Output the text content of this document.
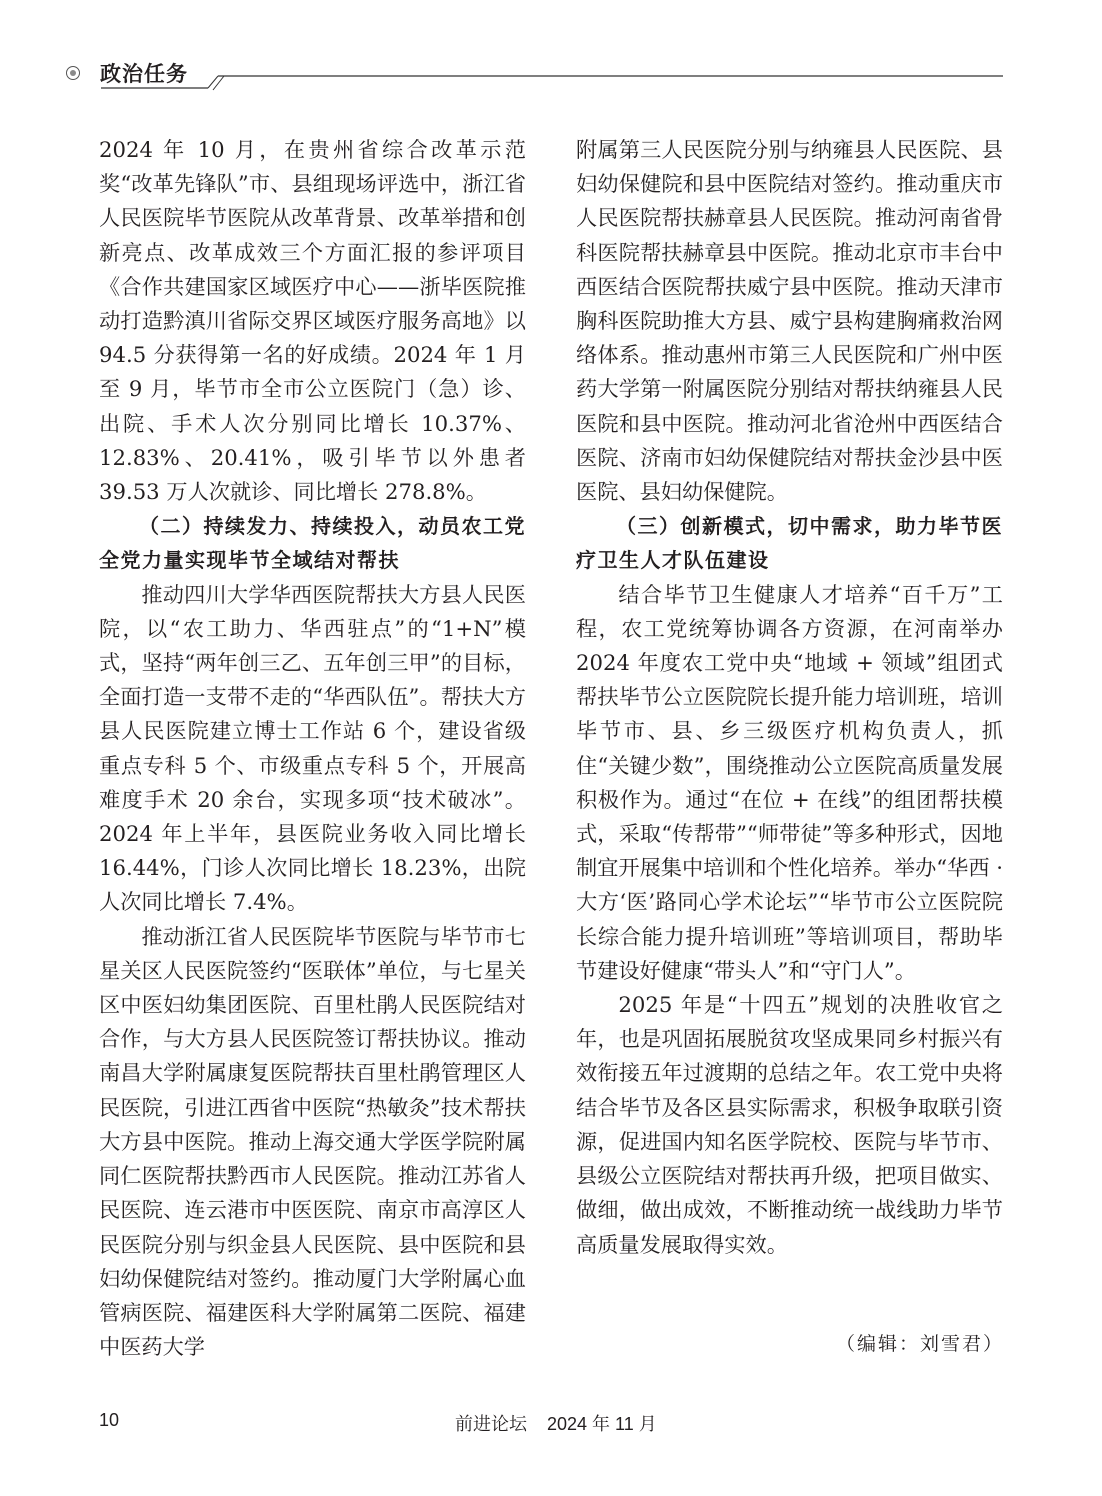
政治任务

2024 年 10 月，在贵州省综合改革示范奖“改革先锋队”市、县组现场评选中，浙江省人民医院毕节医院从改革背景、改革举措和创新亮点、改革成效三个方面汇报的参评项目《合作共建国家区域医疗中心——浙毕医院推动打造黔滇川省际交界区域医疗服务高地》以 94.5 分获得第一名的好成绩。2024 年 1 月至 9 月，毕节市全市公立医院门（急）诊、出院、手术人次分别同比增长 10.37%、12.83%、20.41%，吸引毕节以外患者 39.53 万人次就诊、同比增长 278.8%。

（二）持续发力、持续投入，动员农工党全党力量实现毕节全域结对帮扶

推动四川大学华西医院帮扶大方县人民医院，以“农工助力、华西驻点”的“1+N”模式，坚持“两年创三乙、五年创三甲”的目标，全面打造一支带不走的“华西队伍”。帮扶大方县人民医院建立博士工作站 6 个，建设省级重点专科 5 个、市级重点专科 5 个，开展高难度手术 20 余台，实现多项“技术破冰”。2024 年上半年，县医院业务收入同比增长 16.44%，门诊人次同比增长 18.23%，出院人次同比增长 7.4%。

推动浙江省人民医院毕节医院与毕节市七星关区人民医院签约“医联体”单位，与七星关区中医妇幼集团医院、百里杜鹃人民医院结对合作，与大方县人民医院签订帮扶协议。推动南昌大学附属康复医院帮扶百里杜鹃管理区人民医院，引进江西省中医院“热敏灸”技术帮扶大方县中医院。推动上海交通大学医学院附属同仁医院帮扶黔西市人民医院。推动江苏省人民医院、连云港市中医医院、南京市高淳区人民医院分别与织金县人民医院、县中医院和县妇幼保健院结对签约。推动厦门大学附属心血管病医院、福建医科大学附属第二医院、福建中医药大学

附属第三人民医院分别与纳雍县人民医院、县妇幼保健院和县中医院结对签约。推动重庆市人民医院帮扶赫章县人民医院。推动河南省骨科医院帮扶赫章县中医院。推动北京市丰台中西医结合医院帮扶威宁县中医院。推动天津市胸科医院助推大方县、威宁县构建胸痛救治网络体系。推动惠州市第三人民医院和广州中医药大学第一附属医院分别结对帮扶纳雍县人民医院和县中医院。推动河北省沧州中西医结合医院、济南市妇幼保健院结对帮扶金沙县中医医院、县妇幼保健院。

（三）创新模式，切中需求，助力毕节医疗卫生人才队伍建设

结合毕节卫生健康人才培养“百千万”工程，农工党统筹协调各方资源，在河南举办 2024 年度农工党中央“地域 + 领域”组团式帮扶毕节公立医院院长提升能力培训班，培训毕节市、县、乡三级医疗机构负责人，抓住“关键少数”，围绕推动公立医院高质量发展积极作为。通过“在位 + 在线”的组团帮扶模式，采取“传帮带”“师带徒”等多种形式，因地制宜开展集中培训和个性化培养。举办“华西 · 大方‘医’路同心学术论坛”“毕节市公立医院院长综合能力提升培训班”等培训项目，帮助毕节建设好健康“带头人”和“守门人”。

2025 年是“十四五”规划的决胜收官之年，也是巩固拓展脱贫攻坚成果同乡村振兴有效衔接五年过渡期的总结之年。农工党中央将结合毕节及各区县实际需求，积极争取联引资源，促进国内知名医学院校、医院与毕节市、县级公立医院结对帮扶再升级，把项目做实、做细，做出成效，不断推动统一战线助力毕节高质量发展取得实效。

（编辑：刘雪君）
10	前进论坛 2024 年 11 月
